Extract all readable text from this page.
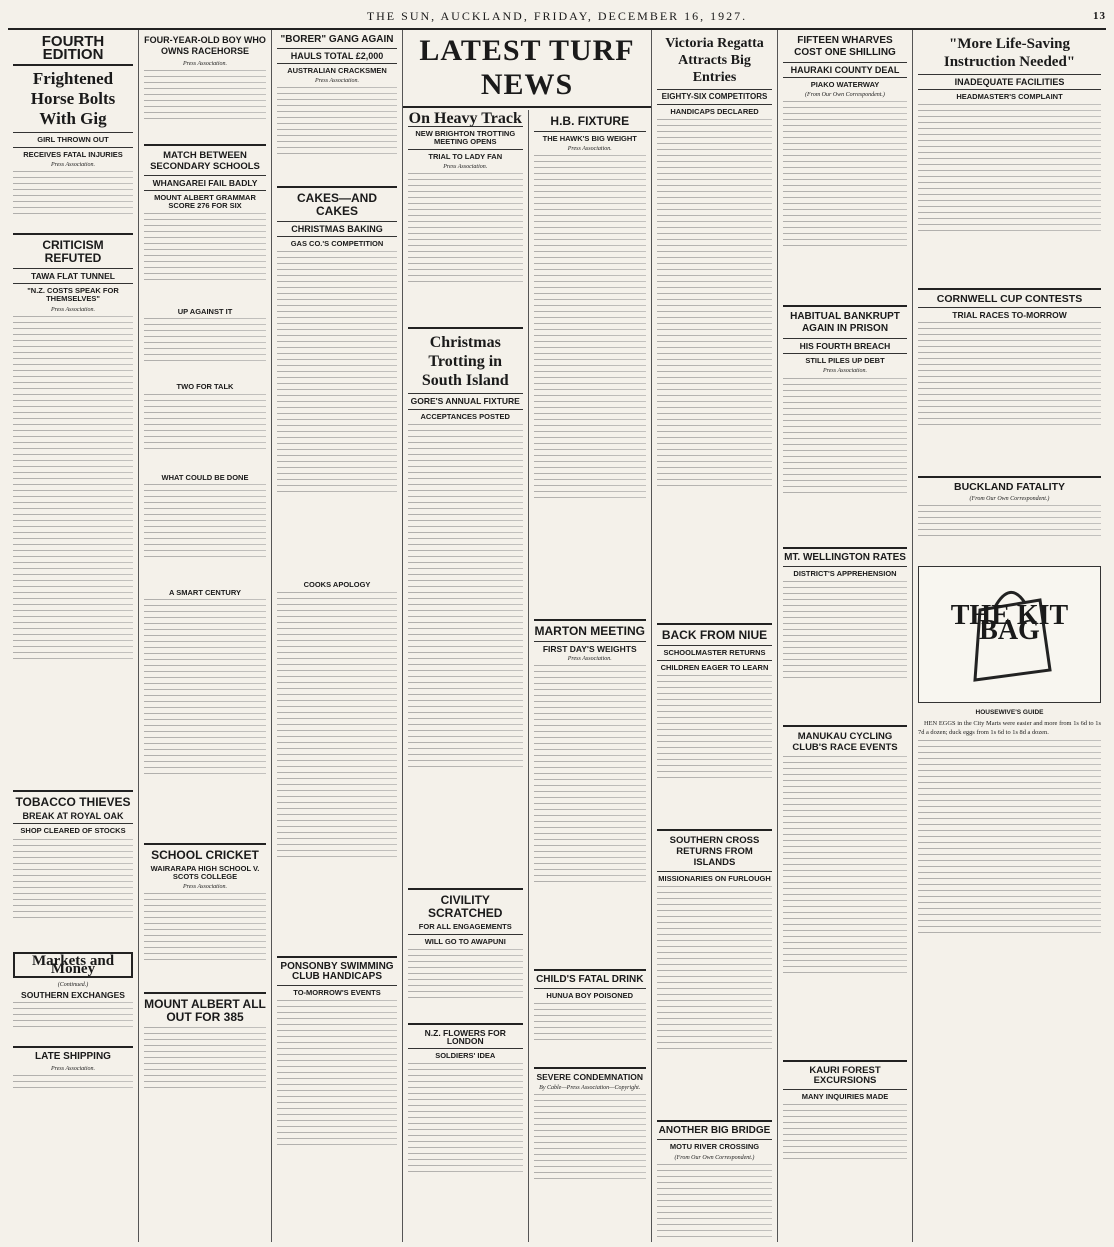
THE SUN, AUCKLAND, FRIDAY, DECEMBER 16, 1927.	13
FOURTH EDITION
Frightened Horse Bolts With Gig
GIRL THROWN OUT
RECEIVES FATAL INJURIES
Press Association.
CRITICISM REFUTED
TAWA FLAT TUNNEL
"N.Z. COSTS SPEAK FOR THEMSELVES"
Press Association.
TOBACCO THIEVES
BREAK AT ROYAL OAK
SHOP CLEARED OF STOCKS
Markets and Money
(Continued.)
SOUTHERN EXCHANGES
LATE SHIPPING
Press Association.
FOUR-YEAR-OLD BOY WHO OWNS RACEHORSE
Press Association.
MATCH BETWEEN SECONDARY SCHOOLS
WHANGAREI FAIL BADLY
MOUNT ALBERT GRAMMAR SCORE 276 FOR SIX
UP AGAINST IT
TWO FOR TALK
WHAT COULD BE DONE
A SMART CENTURY
SCHOOL CRICKET
WAIRARAPA HIGH SCHOOL V. SCOTS COLLEGE
Press Association.
MOUNT ALBERT ALL OUT FOR 385
"BORER" GANG AGAIN
HAULS TOTAL £2,000
AUSTRALIAN CRACKSMEN
Press Association.
CAKES—AND CAKES
CHRISTMAS BAKING
GAS CO.'S COMPETITION
COOKS APOLOGY
PONSONBY SWIMMING CLUB HANDICAPS
TO-MORROW'S EVENTS
LATEST TURF NEWS
On Heavy Track
NEW BRIGHTON TROTTING MEETING OPENS
TRIAL TO LADY FAN
Press Association.
Christmas Trotting in South Island
GORE'S ANNUAL FIXTURE
ACCEPTANCES POSTED
CIVILITY SCRATCHED
FOR ALL ENGAGEMENTS
WILL GO TO AWAPUNI
N.Z. FLOWERS FOR LONDON
SOLDIERS' IDEA
H.B. FIXTURE
THE HAWK'S BIG WEIGHT
Press Association.
MARTON MEETING
FIRST DAY'S WEIGHTS
Press Association.
CHILD'S FATAL DRINK
HUNUA BOY POISONED
SEVERE CONDEMNATION
By Cable—Press Association—Copyright.
Victoria Regatta Attracts Big Entries
EIGHTY-SIX COMPETITORS
HANDICAPS DECLARED
BACK FROM NIUE
SCHOOLMASTER RETURNS
CHILDREN EAGER TO LEARN
SOUTHERN CROSS RETURNS FROM ISLANDS
MISSIONARIES ON FURLOUGH
ANOTHER BIG BRIDGE
MOTU RIVER CROSSING
(From Our Own Correspondent.)
FIFTEEN WHARVES COST ONE SHILLING
HAURAKI COUNTY DEAL
PIAKO WATERWAY
(From Our Own Correspondent.)
HABITUAL BANKRUPT AGAIN IN PRISON
HIS FOURTH BREACH
STILL PILES UP DEBT
Press Association.
MT. WELLINGTON RATES
DISTRICT'S APPREHENSION
MANUKAU CYCLING CLUB'S RACE EVENTS
KAURI FOREST EXCURSIONS
MANY INQUIRIES MADE
"More Life-Saving Instruction Needed"
INADEQUATE FACILITIES
HEADMASTER'S COMPLAINT
CORNWELL CUP CONTESTS
TRIAL RACES TO-MORROW
BUCKLAND FATALITY
(From Our Own Correspondent.)
THE KIT BAG
HOUSEWIVE'S GUIDE
HEN EGGS in the City Marts were easier and more from 1s 6d to 1s 7d a dozen; duck eggs from 1s 6d to 1s 8d a dozen.
